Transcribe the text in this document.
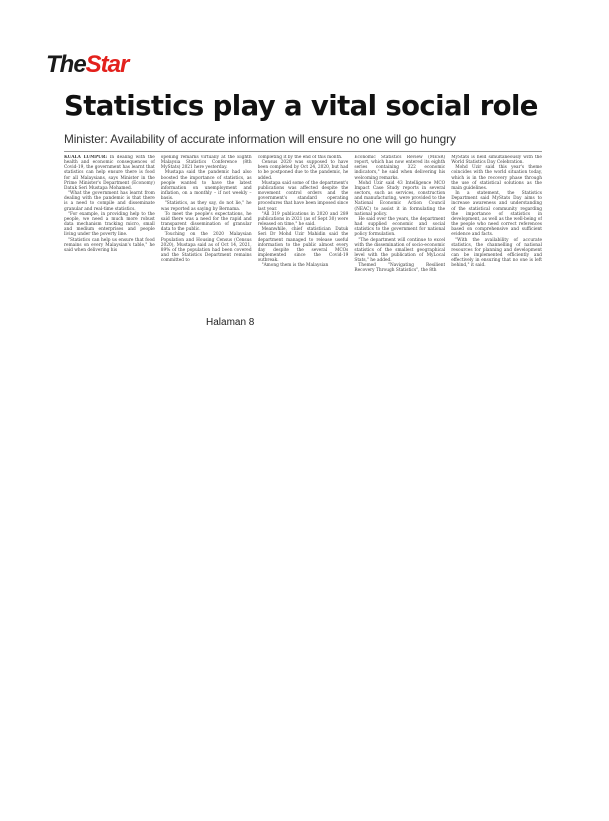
TheStar
Statistics play a vital social role
Minister: Availability of accurate information will ensure no one will go hungry

KUALA LUMPUR: In dealing with the health and economic consequences of Covid-19, the government has learnt that statistics can help ensure there is food for all Malaysians, says Minister in the Prime Minister's Department (Economy) Datuk Seri Mustapa Mohamed.

"What the government has learnt from dealing with the pandemic is that there is a need to compile and disseminate granular and real-time statistics.

"For example, in providing help to the people, we need a much more robust data mechanism tracking micro, small and medium enterprises and people living under the poverty line.

"Statistics can help us ensure that food remains on every Malaysian's table," he said when delivering his

opening remarks virtually at the Eighth Malaysia Statistics Conference (8th MyStats) 2021 here yesterday.

Mustapa said the pandemic had also boosted the importance of statistics, as people wanted to have the latest information on unemployment and inflation, on a monthly – if not weekly – basis.

"Statistics, as they say, do not lie," he was reported as saying by Bernama.

To meet the people's expectations, he said there was a need for the rapid and transparent dissemination of granular data to the public.

Touching on the 2020 Malaysian Population and Housing Census (Census 2020), Mustapa said as of Oct 14, 2021, 89% of the population had been covered and the Statistics Department remains committed to

completing it by the end of this month.

Census 2020 was supposed to have been completed by Oct 24, 2020, but had to be postponed due to the pandemic, he added.

Mustapa said some of the department's publications was affected despite the movement control orders and the government's standard operating procedures that have been imposed since last year.

"All 319 publications in 2020 and 289 publications in 2021 (as of Sept 30) were released on time," he said.

Meanwhile, chief statistician Datuk Seri Dr Mohd Uzir Mahidin said the department managed to release useful information to the public almost every day despite the several MCOs implemented since the Covid-19 outbreak.

"Among them is the Malaysian

Economic Statistics Review (MESR) report, which has now entered its eighth series containing 322 economic indicators," he said when delivering his welcoming remarks.

Mohd Uzir said 43 Intelligence MCO Impact Case Study reports in several sectors, such as services, construction and manufacturing, were provided to the National Economic Action Council (NEAC) to assist it in formulating the national policy.

He said over the years, the department had supplied economic and social statistics to the government for national policy formulation.

"The department will continue to excel with the dissemination of socio-economic statistics of the smallest geographical level with the publication of MyLocal Stats," he added.

Themed "Navigating Resilient Recovery Through Statistics", the 8th

MyStats is held simultaneously with the World Statistics Day Celebration.

Mohd Uzir said this year's theme coincides with the world situation today, which is in the recovery phase through the use of statistical solutions as the main guidelines.

In a statement, the Statistics Department said MyStats Day aims to increase awareness and understanding of the statistical community regarding the importance of statistics in development, as well as the well-being of the people who need correct references based on comprehensive and sufficient evidence and facts.

"With the availability of accurate statistics, the channelling of national resources for planning and development can be implemented efficiently and effectively in ensuring that no one is left behind," it said.

Halaman 8
